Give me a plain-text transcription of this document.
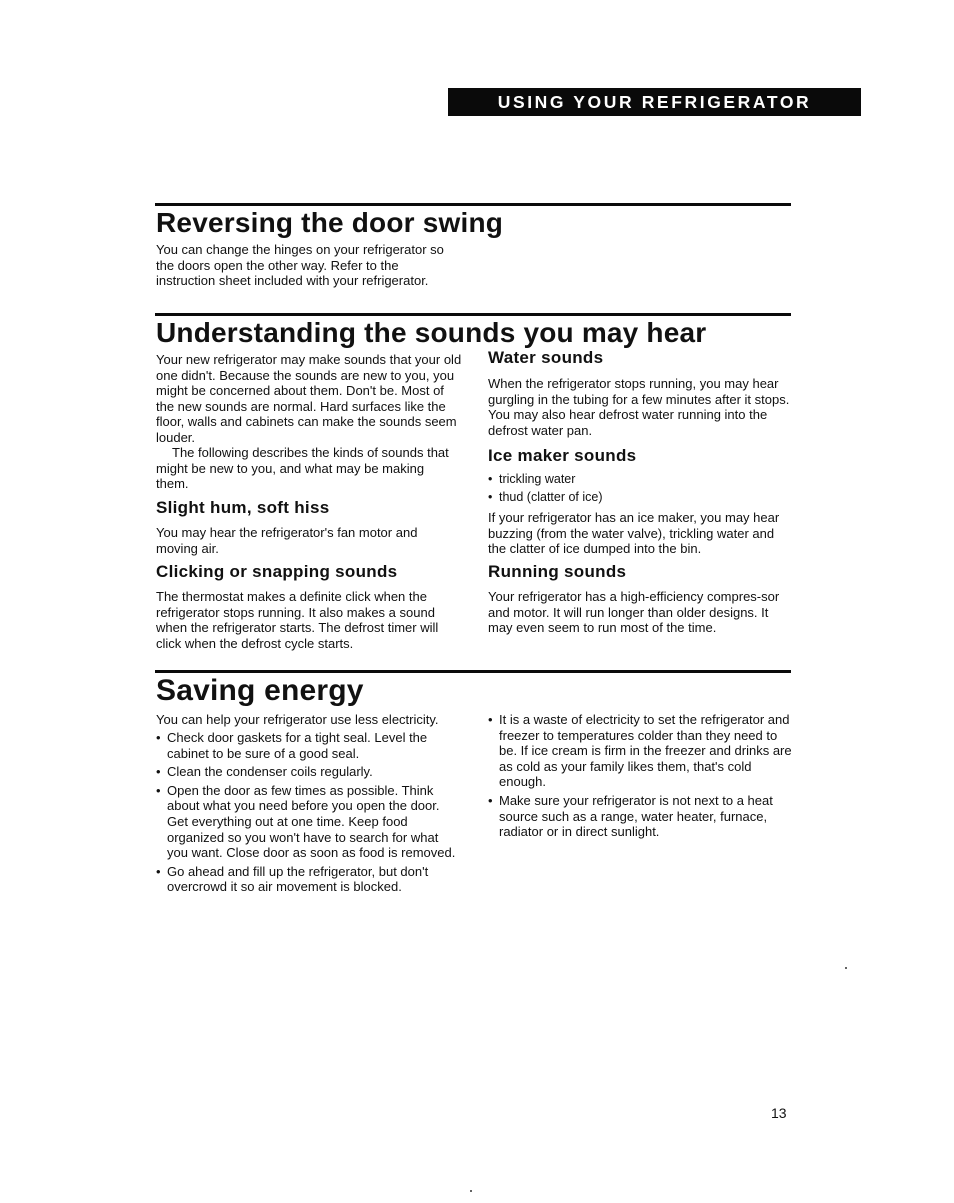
USING YOUR REFRIGERATOR
Reversing the door swing

You can change the hinges on your refrigerator so the doors open the other way. Refer to the instruction sheet included with your refrigerator.

Understanding the sounds you may hear

Your new refrigerator may make sounds that your old one didn't. Because the sounds are new to you, you might be concerned about them. Don't be. Most of the new sounds are normal. Hard surfaces like the floor, walls and cabinets can make the sounds seem louder.

The following describes the kinds of sounds that might be new to you, and what may be making them.

Slight hum, soft hiss

You may hear the refrigerator's fan motor and moving air.

Clicking or snapping sounds

The thermostat makes a definite click when the refrigerator stops running. It also makes a sound when the refrigerator starts. The defrost timer will click when the defrost cycle starts.

Water sounds

When the refrigerator stops running, you may hear gurgling in the tubing for a few minutes after it stops. You may also hear defrost water running into the defrost water pan.

Ice maker sounds
• trickling water
• thud (clatter of ice)

If your refrigerator has an ice maker, you may hear buzzing (from the water valve), trickling water and the clatter of ice dumped into the bin.

Running sounds

Your refrigerator has a high-efficiency compres-sor and motor. It will run longer than older designs. It may even seem to run most of the time.

Saving energy

You can help your refrigerator use less electricity.

• Check door gaskets for a tight seal. Level the cabinet to be sure of a good seal.
• Clean the condenser coils regularly.
• Open the door as few times as possible. Think about what you need before you open the door. Get everything out at one time. Keep food organized so you won't have to search for what you want. Close door as soon as food is removed.
• Go ahead and fill up the refrigerator, but don't overcrowd it so air movement is blocked.
• It is a waste of electricity to set the refrigerator and freezer to temperatures colder than they need to be. If ice cream is firm in the freezer and drinks are as cold as your family likes them, that's cold enough.
• Make sure your refrigerator is not next to a heat source such as a range, water heater, furnace, radiator or in direct sunlight.
13
